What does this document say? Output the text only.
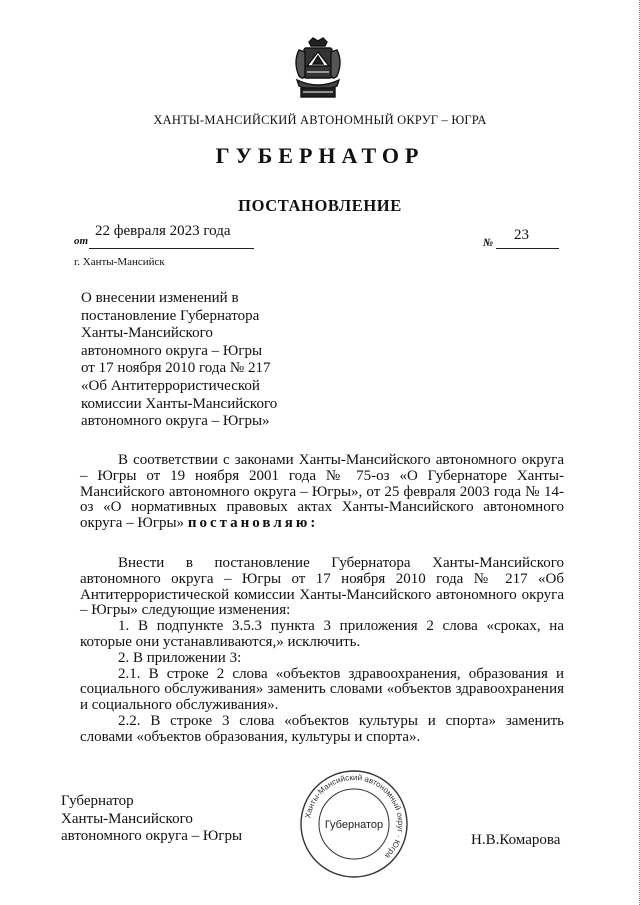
ХАНТЫ-МАНСИЙСКИЙ АВТОНОМНЫЙ ОКРУГ – ЮГРА
ГУБЕРНАТОР
ПОСТАНОВЛЕНИЕ
от
22 февраля 2023 года
№ 23
г. Ханты-Мансийск
О внесении изменений в
постановление Губернатора
Ханты-Мансийского
автономного округа – Югры
от 17 ноября 2010 года № 217
«Об Антитеррористической
комиссии Ханты-Мансийского
автономного округа – Югры»
В соответствии с законами Ханты-Мансийского автономного округа – Югры от 19 ноября 2001 года № 75-оз «О Губернаторе Ханты-Мансийского автономного округа – Югры», от 25 февраля 2003 года № 14-оз «О нормативных правовых актах Ханты-Мансийского автономного округа – Югры» постановляю:
Внести в постановление Губернатора Ханты-Мансийского автономного округа – Югры от 17 ноября 2010 года № 217 «Об Антитеррористической комиссии Ханты-Мансийского автономного округа – Югры» следующие изменения:
1. В подпункте 3.5.3 пункта 3 приложения 2 слова «сроках, на которые они устанавливаются,» исключить.
2. В приложении 3:
2.1. В строке 2 слова «объектов здравоохранения, образования и социального обслуживания» заменить словами «объектов здравоохранения и социального обслуживания».
2.2. В строке 3 слова «объектов культуры и спорта» заменить словами «объектов образования, культуры и спорта».
Губернатор
Ханты-Мансийского
автономного округа – Югры
Ханты-Мансийский автономный округ · Югра
Губернатор
Н.В.Комарова
